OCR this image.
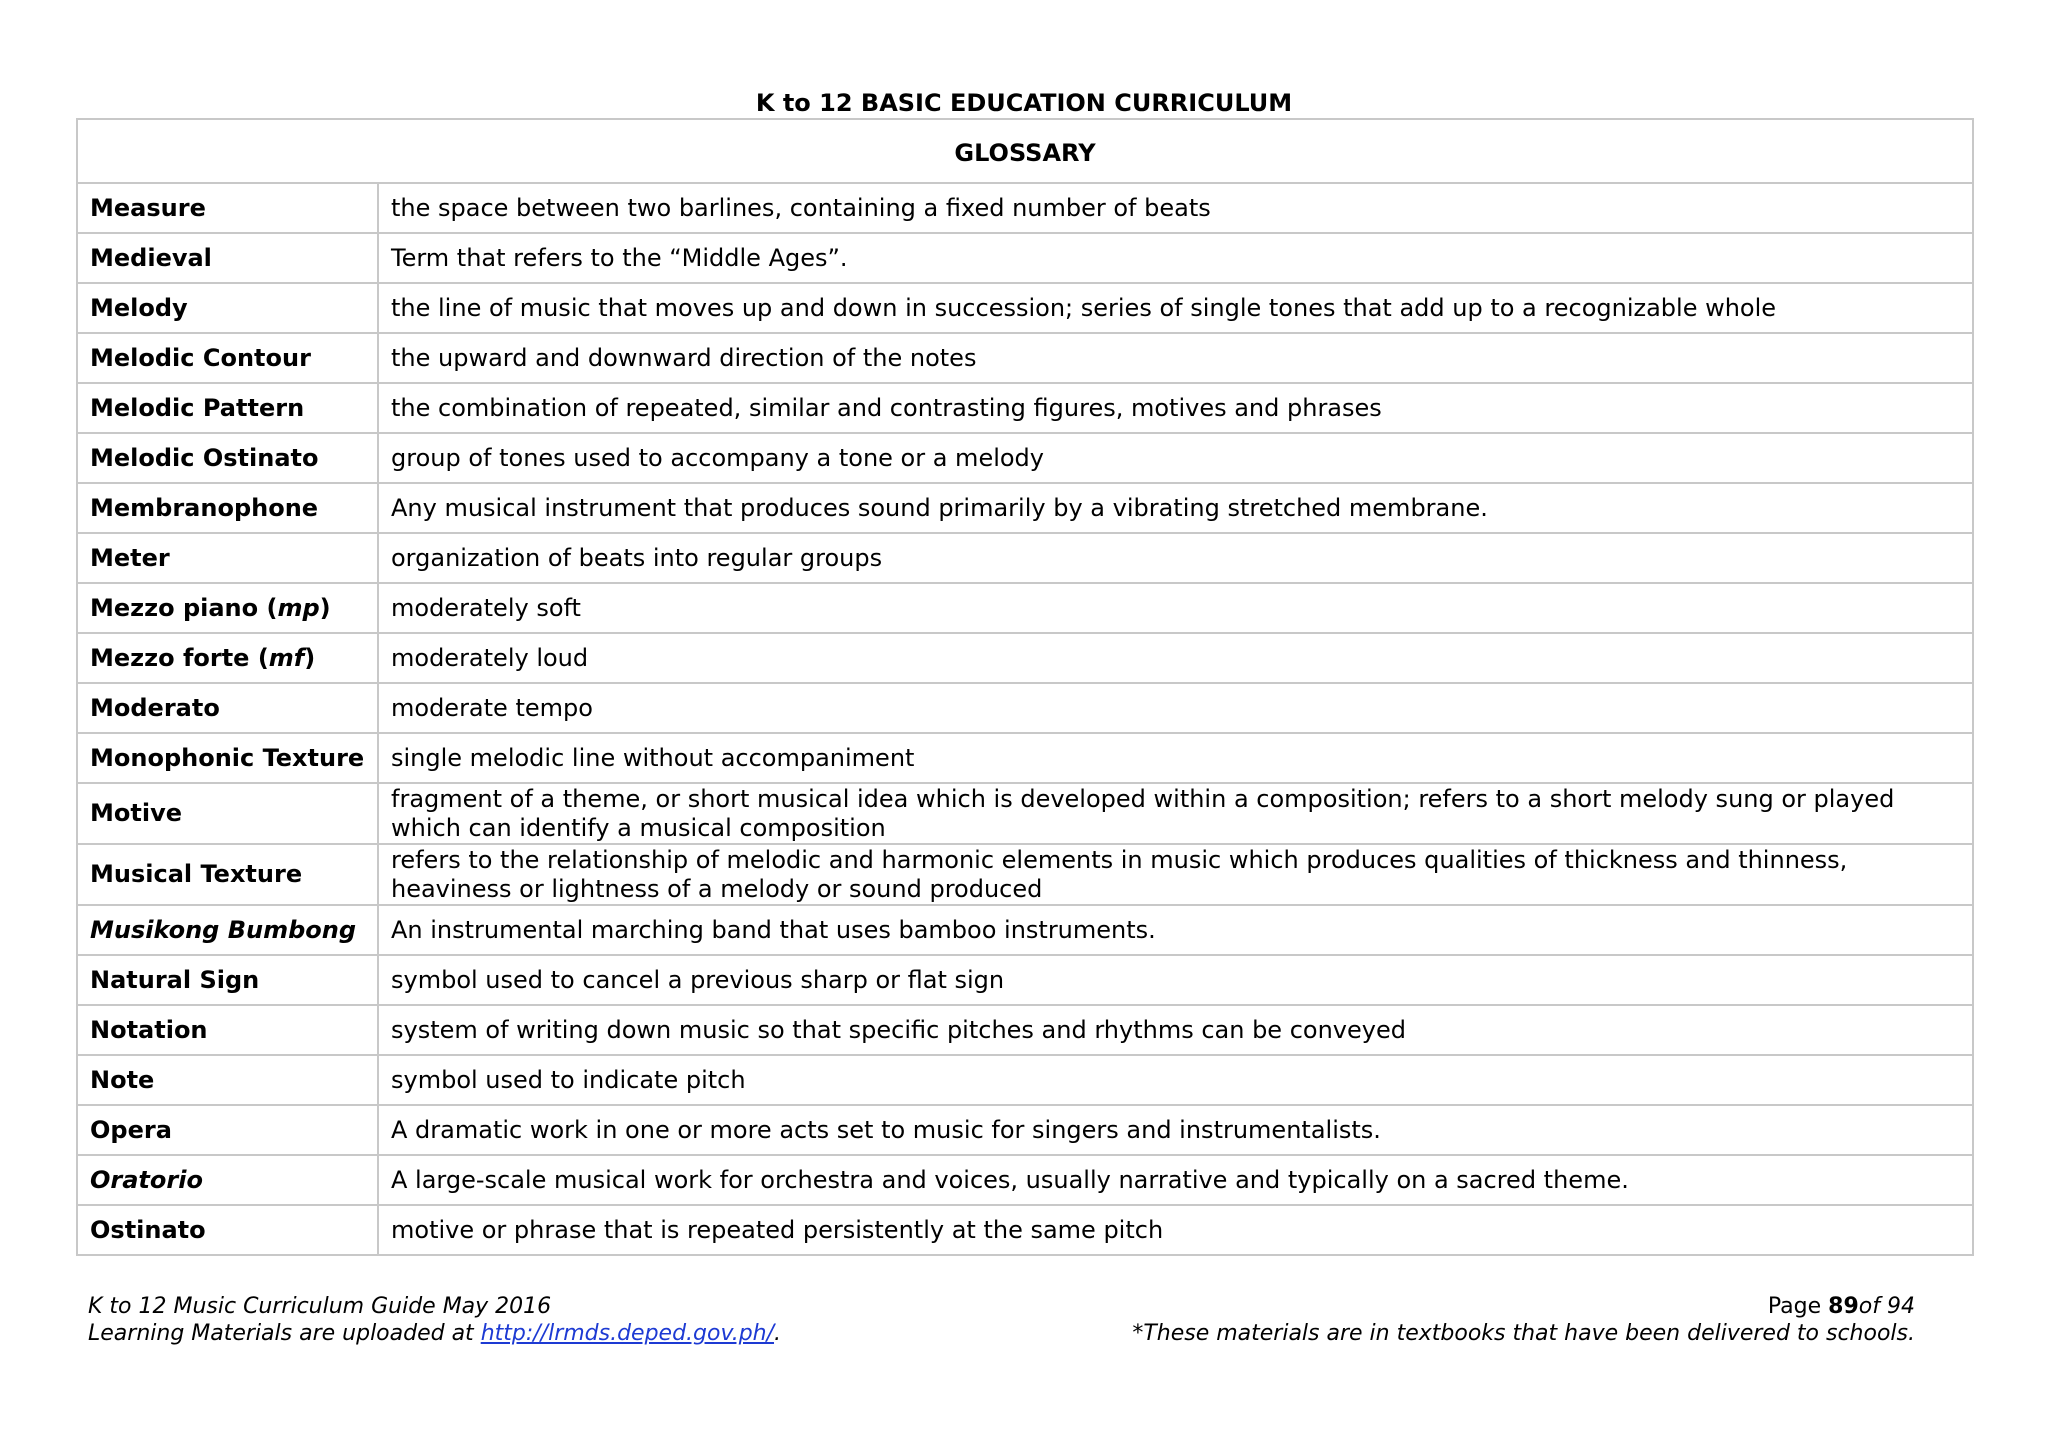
K to 12 BASIC EDUCATION CURRICULUM
GLOSSARY	
Measure	the space between two barlines, containing a fixed number of beats
Medieval	Term that refers to the “Middle Ages”.
Melody	the line of music that moves up and down in succession; series of single tones that add up to a recognizable whole
Melodic Contour	the upward and downward direction of the notes
Melodic Pattern	the combination of repeated, similar and contrasting figures, motives and phrases
Melodic Ostinato	group of tones used to accompany a tone or a melody
Membranophone	Any musical instrument that produces sound primarily by a vibrating stretched membrane.
Meter	organization of beats into regular groups
Mezzo piano (mp)	moderately soft
Mezzo forte (mf)	moderately loud
Moderato	moderate tempo
Monophonic Texture	single melodic line without accompaniment
Motive	fragment of a theme, or short musical idea which is developed within a composition; refers to a short melody sung or played which can identify a musical composition
Musical Texture	refers to the relationship of melodic and harmonic elements in music which produces qualities of thickness and thinness, heaviness or lightness of a melody or sound produced
Musikong Bumbong	An instrumental marching band that uses bamboo instruments.
Natural Sign	symbol used to cancel a previous sharp or flat sign
Notation	system of writing down music so that specific pitches and rhythms can be conveyed
Note	symbol used to indicate pitch
Opera	A dramatic work in one or more acts set to music for singers and instrumentalists.
Oratorio	A large-scale musical work for orchestra and voices, usually narrative and typically on a sacred theme.
Ostinato	motive or phrase that is repeated persistently at the same pitch
K to 12 Music Curriculum Guide May 2016
Learning Materials are uploaded at http://lrmds.deped.gov.ph/.
Page 89of 94
*These materials are in textbooks that have been delivered to schools.
